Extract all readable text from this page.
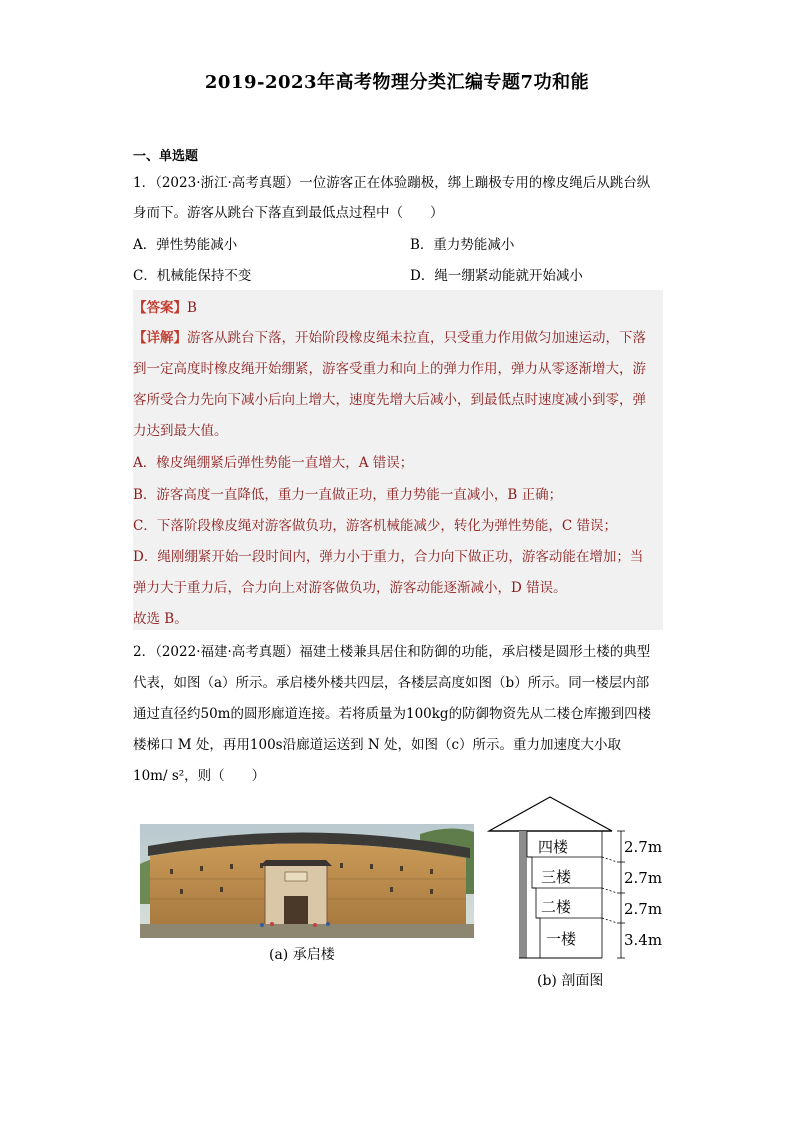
2019-2023年高考物理分类汇编专题7功和能
一、单选题
1．（2023·浙江·高考真题）一位游客正在体验蹦极，绑上蹦极专用的橡皮绳后从跳台纵身而下。游客从跳台下落直到最低点过程中（　　）
A．弹性势能减小	B．重力势能减小
C．机械能保持不变	D．绳一绷紧动能就开始减小
【答案】B
【详解】游客从跳台下落，开始阶段橡皮绳未拉直，只受重力作用做匀加速运动，下落
到一定高度时橡皮绳开始绷紧，游客受重力和向上的弹力作用，弹力从零逐渐增大，游
客所受合力先向下减小后向上增大，速度先增大后减小，到最低点时速度减小到零，弹
力达到最大值。
A．橡皮绳绷紧后弹性势能一直增大，A 错误；
B．游客高度一直降低，重力一直做正功，重力势能一直减小，B 正确；
C．下落阶段橡皮绳对游客做负功，游客机械能减少，转化为弹性势能，C 错误；
D．绳刚绷紧开始一段时间内，弹力小于重力，合力向下做正功，游客动能在增加；当
弹力大于重力后，合力向上对游客做负功，游客动能逐渐减小，D 错误。
故选 B。
2．（2022·福建·高考真题）福建土楼兼具居住和防御的功能，承启楼是圆形土楼的典型
代表，如图（a）所示。承启楼外楼共四层，各楼层高度如图（b）所示。同一楼层内部
通过直径约50m的圆形廊道连接。若将质量为100kg的防御物资先从二楼仓库搬到四楼
楼梯口 M 处，再用100s沿廊道运送到 N 处，如图（c）所示。重力加速度大小取
10m/ s²，则（　　）
(a) 承启楼
四楼
三楼
二楼
一楼
2.7m
2.7m
2.7m
3.4m
(b) 剖面图
